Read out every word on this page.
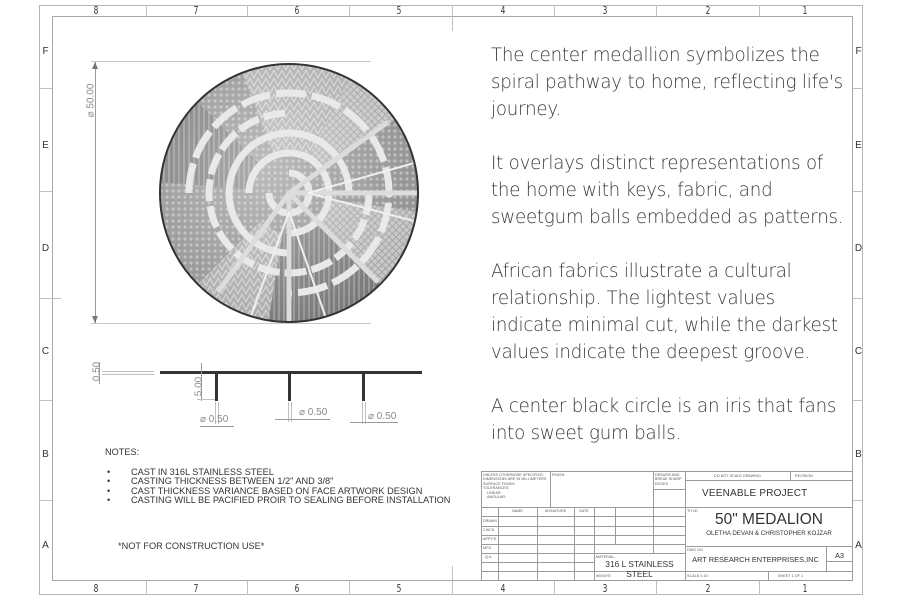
8	7	6	5	4	3	2	1
8	7	6	5	4	3	2	1
F
E
D
C
B
A
F
E
D
C
B
A
⌀ 50.00
0.50
5.00
⌀ 0.50
⌀ 0.50	⌀ 0.50

The center medallion symbolizes the spiral pathway to home, reflecting life's journey.

It overlays distinct representations of the home with keys, fabric, and sweetgum balls embedded as patterns.

African fabrics illustrate a cultural relationship. The lightest values indicate minimal cut, while the darkest values indicate the deepest groove.

A center black circle is an iris that fans into sweet gum balls.

NOTES:
• CAST IN 316L STAINLESS STEEL
• CASTING THICKNESS BETWEEN 1/2" AND 3/8"
• CAST THICKNESS VARIANCE BASED ON FACE ARTWORK DESIGN
• CASTING WILL BE PACIFIED PROIR TO SEALING BEFORE INSTALLATION
*NOT FOR CONSTRUCTION USE*
UNLESS OTHERWISE SPECIFIED:
DIMENSIONS ARE IN MILLIMETERS
SURFACE FINISH:
TOLERANCES:
LINEAR:
ANGULAR:
FINISH:	DEBURR AND BREAK SHARP EDGES
NAME	SIGNATURE	DATE
DRAWN
CHK'D
APPV'D
MFG
Q.A	MATERIAL:
316 L STAINLESS STEEL
WEIGHT:
DO NOT SCALE DRAWING	REVISION
VEENABLE PROJECT
TITLE:	50" MEDALION
OLETHA DEVAN & CHRISTOPHER KOJZAR
DWG NO.
ART RESEARCH ENTERPRISES,INC	A3
SCALE:1:10	SHEET 1 OF 1
